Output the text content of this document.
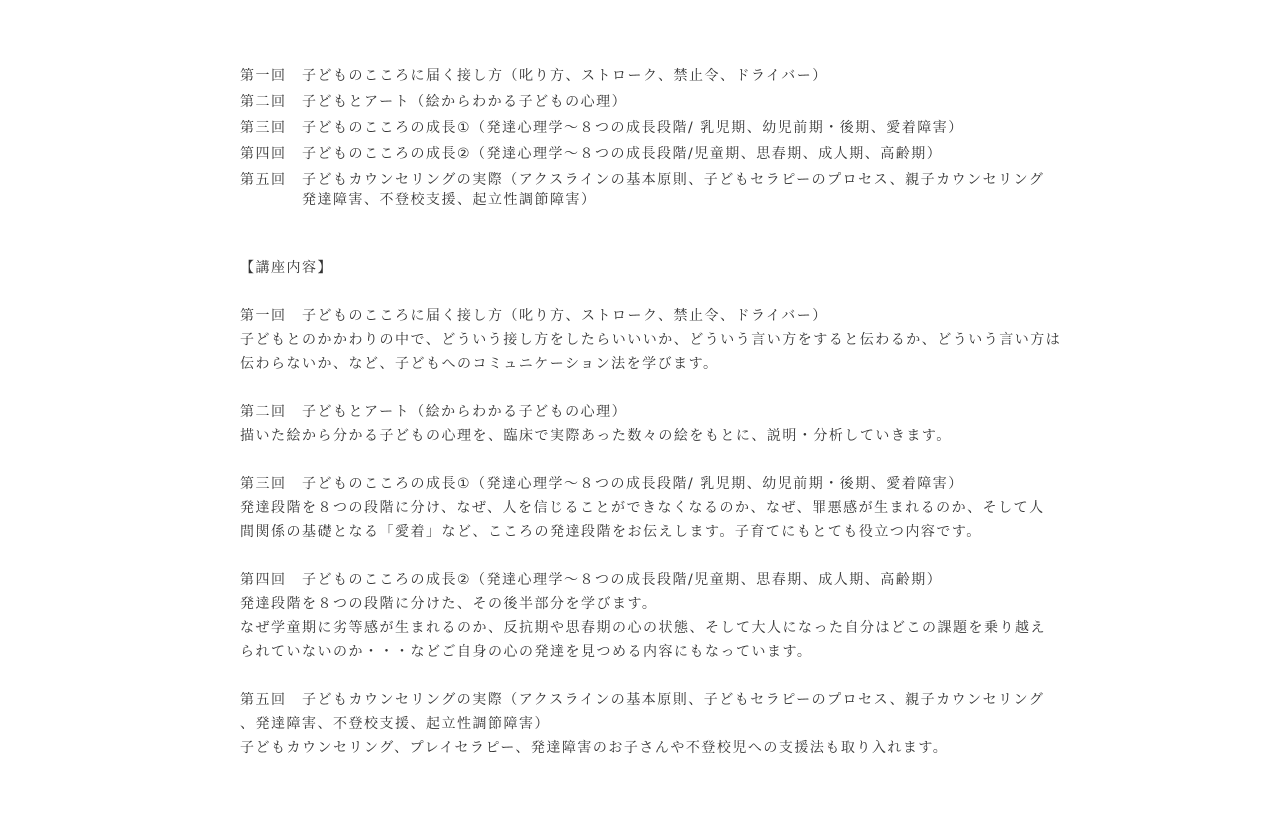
第一回	子どものこころに届く接し方（叱り方、ストローク、禁止令、ドライバー）
第二回	子どもとアート（絵からわかる子どもの心理）
第三回	子どものこころの成長①（発達心理学～８つの成長段階/ 乳児期、幼児前期・後期、愛着障害）
第四回	子どものこころの成長②（発達心理学～８つの成長段階/児童期、思春期、成人期、高齢期）
第五回	子どもカウンセリングの実際（アクスラインの基本原則、子どもセラピーのプロセス、親子カウンセリング
発達障害、不登校支援、起立性調節障害）
【講座内容】
第一回　子どものこころに届く接し方（叱り方、ストローク、禁止令、ドライバー）
子どもとのかかわりの中で、どういう接し方をしたらいいいか、どういう言い方をすると伝わるか、どういう言い方は
伝わらないか、など、子どもへのコミュニケーション法を学びます。
第二回　子どもとアート（絵からわかる子どもの心理）
描いた絵から分かる子どもの心理を、臨床で実際あった数々の絵をもとに、説明・分析していきます。
第三回　子どものこころの成長①（発達心理学～８つの成長段階/ 乳児期、幼児前期・後期、愛着障害）
発達段階を８つの段階に分け、なぜ、人を信じることができなくなるのか、なぜ、罪悪感が生まれるのか、そして人
間関係の基礎となる「愛着」など、こころの発達段階をお伝えします。子育てにもとても役立つ内容です。
第四回　子どものこころの成長②（発達心理学～８つの成長段階/児童期、思春期、成人期、高齢期）
発達段階を８つの段階に分けた、その後半部分を学びます。
なぜ学童期に劣等感が生まれるのか、反抗期や思春期の心の状態、そして大人になった自分はどこの課題を乗り越え
られていないのか・・・などご自身の心の発達を見つめる内容にもなっています。
第五回　子どもカウンセリングの実際（アクスラインの基本原則、子どもセラピーのプロセス、親子カウンセリング
、発達障害、不登校支援、起立性調節障害）
子どもカウンセリング、プレイセラピー、発達障害のお子さんや不登校児への支援法も取り入れます。
